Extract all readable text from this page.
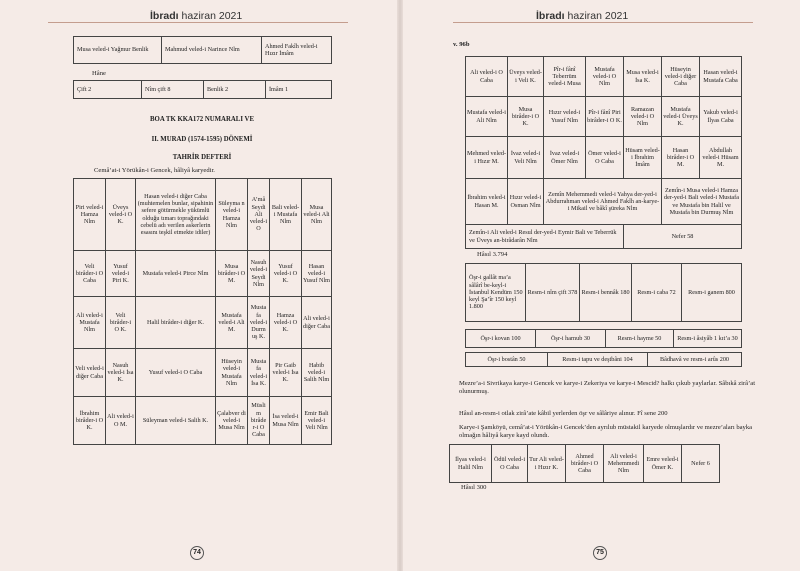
İbradı haziran 2021
Musa veled-i Yağmur Benlik	Mahmud veled-i Narince Nlm	Ahmed Fakîh veled-i Hızır İmâm
Hâne
Çift 2	Nîm çift 8	Benlik 2	İmâm 1
BOA TK KKA172 NUMARALI VE
II. MURAD (1574-1595) DÖNEMİ
TAHRİR DEFTERİ
Cemâ’at-i Yörükân-i Gencek, hâliyâ karyedir.
Piri veled-i Hamza Nlm	Üveys veled-i O K.	Hasan veled-i diğer Caba (muhtemelen bunlar, sipahinin sefere götürmekle yükümlü olduğu tımarı toprağındaki cebelü adı verilen askerlerin esasını teşkil etmekte idiler)	Süleyma n veled-i Hamza Nlm	A’mâ Seydi Ali veled-i O	Bali veled-i Mustafa Nlm	Musa veled-i Ali Nlm
Veli birâder-i O Caba	Yusuf veled-i Piri K.	Mustafa veled-i Pirce Nlm	Musa birâder-i O M.	Nasuh veled-i Seydi Nlm	Yusuf veled-i O K.	Hasan veled-i Yusuf Nlm
Ali veled-i Mustafa Nlm	Veli birâder-i O K.	Halil birâder-i diğer K.	Mustafa veled-i Ali M.	Musta fa veled-i Durm uş K.	Hamza veled-i O K.	Ali veled-i diğer Caba
Veli veled-i diğer Caba	Nasuh veled-i İsa K.	Yusuf veled-i O Caba	Hüseyin veled-i Mustafa Nlm	Musta fa veled-i İsa K.	Pir Gaib veled-i İsa K.	Habib veled-i Salih Nlm
İbrahim birâder-i O K.	Ali veled-i O M.	Süleyman veled-i Salih K.	Çalabver di veled-i Musa Nlm	Müsli m birâde r-i O Caba	İsa veled-i Musa Nlm	Emir Bali veled-i Veli Nlm
74
İbradı haziran 2021
v. 96b
Ali veled-i O Caba	Üveys veled-i Veli K.	Pîr-i fânî Teberrüm veled-i Musa	Mustafa veled-i O Nlm	Musa veled-i İsa K.	Hüseyin veled-i diğer Caba	Hasan veled-i Mustafa Caba
Mustafa veled-i Ali Nlm	Musa birâder-i O K.	Hızır veled-i Yusuf Nlm	Pîr-i fânî Piri birâder-i O K.	Ramazan veled-i O Nlm	Mustafa veled-i Üveys K.	Yakub veled-i İlyas Caba
Mehmed veled-i Hızır M.	İvaz veled-i Veli Nlm	İvaz veled-i Ömer Nlm	Ömer veled-i O Caba	Hüsam veled-i İbrahim İmâm	Hasan birâder-i O M.	Abdullah veled-i Hüsam M.
İbrahim veled-i Hasan M.	Hızır veled-i Osman Nlm	Zemîn Mehemmedi veled-i Yahya der-yed-i Abdurrahman veled-i Ahmed Fakîh an-karye-i Mikail ve bâkî şüreka Nlm			Zemîn-i Musa veled-i Hamza der-yed-i Bali veled-i Mustafa ve Mustafa bin Halil ve Mustafa bin Durmuş Nlm	
Zemîn-i Ali veled-i Resul der-yed-i Eymir Bali ve Teberrük ve Üveys an-birâdarân Nlm				Nefer 58		
Hâsıl 3.794
Öşr-i gallât ma’a sâlârî be-keyl-i İstanbul Kendüm 150 keyl Şa’îr 150 keyl 1.800	Resm-i nîm çift 378	Resm-i bennâk 180	Resm-i caba 72	Resm-i ganem 800
Öşr-i kovan 100	Öşr-i harnub 30	Resm-i hayme 50	Resm-i âsiyâb 1 kıt’a 30
Öşr-i bostân 50	Resm-i tapu ve deştbâni 104	Bâdhavâ ve resm-i arûs 200
Mezre’a-i Sivrikaya karye-i Gencek ve karye-i Zekeriya ve karye-i Mescid? halkı çıkub yaylarlar. Sâbıkâ zirâ’at olunurmuş.
Hâsıl an-resm-i otlak zirâ’ate kâbil yerlerden öşr ve sâlâriye alınur. Fî sene 200
Karye-i Şamköyü, cemâ’at-i Yörükân-i Gencek’den ayrılub müstakil karyede olmuşlardır ve mezre’aları bayka olmağın hâliyâ karye kayd olundı.
İlyas veled-i Halil Nlm	Ödül veled-i O Caba	Tur Ali veled-i Hızır K.	Ahmed birâder-i O Caba	Ali veled-i Mehemmedi Nlm	Emre veled-i Ömer K.	Nefer 6
Hâsıl 300
75
